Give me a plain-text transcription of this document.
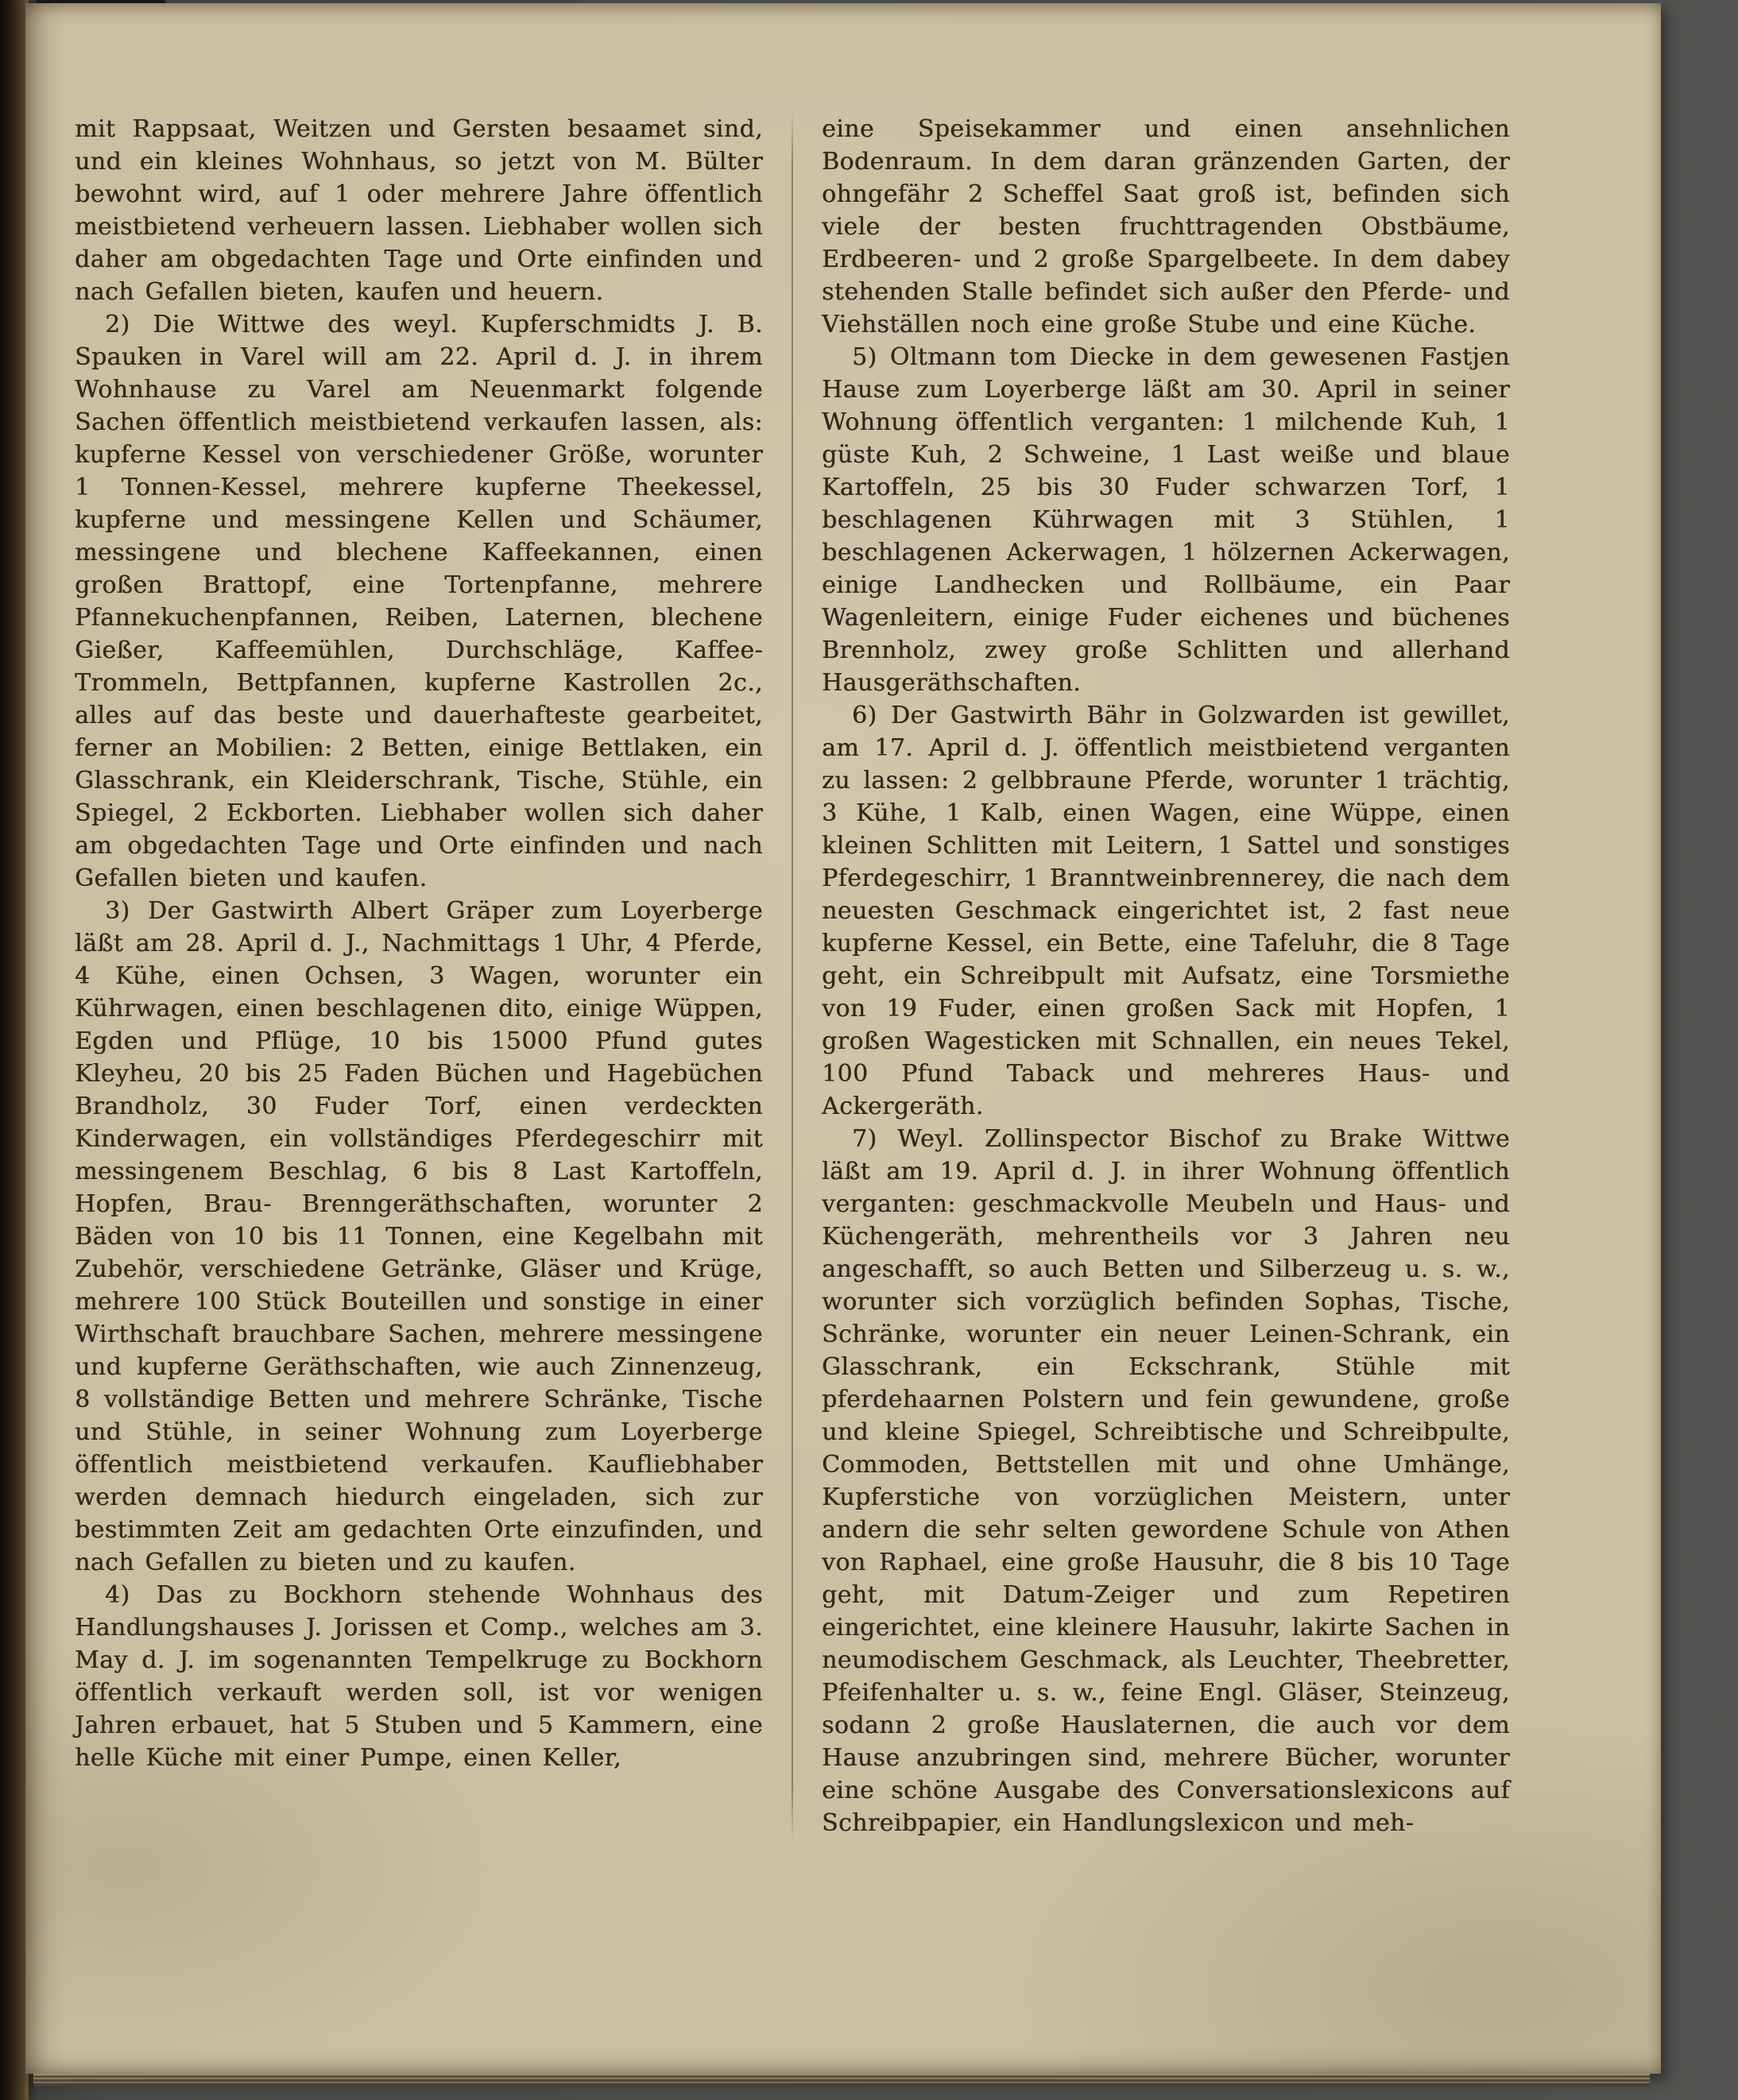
mit Rappsaat, Weitzen und Gersten besaamet sind, und ein kleines Wohnhaus, so jetzt von M. Bülter bewohnt wird, auf 1 oder mehrere Jahre öffentlich meistbietend verheuern lassen. Liebhaber wollen sich daher am obgedachten Tage und Orte einfinden und nach Gefallen bieten, kaufen und heuern.

2) Die Wittwe des weyl. Kupferschmidts J. B. Spauken in Varel will am 22. April d. J. in ihrem Wohnhause zu Varel am Neuenmarkt folgende Sachen öffentlich meistbietend verkaufen lassen, als: kupferne Kessel von verschiedener Größe, worunter 1 Tonnen-Kessel, mehrere kupferne Theekessel, kupferne und messingene Kellen und Schäumer, messingene und blechene Kaffeekannen, einen großen Brattopf, eine Tortenpfanne, mehrere Pfannekuchenpfannen, Reiben, Laternen, blechene Gießer, Kaffeemühlen, Durchschläge, Kaffee-Trommeln, Bettpfannen, kupferne Kastrollen 2c., alles auf das beste und dauerhafteste gearbeitet, ferner an Mobilien: 2 Betten, einige Bettlaken, ein Glasschrank, ein Kleiderschrank, Tische, Stühle, ein Spiegel, 2 Eckborten. Liebhaber wollen sich daher am obgedachten Tage und Orte einfinden und nach Gefallen bieten und kaufen.

3) Der Gastwirth Albert Gräper zum Loyerberge läßt am 28. April d. J., Nachmittags 1 Uhr, 4 Pferde, 4 Kühe, einen Ochsen, 3 Wagen, worunter ein Kührwagen, einen beschlagenen dito, einige Wüppen, Egden und Pflüge, 10 bis 15000 Pfund gutes Kleyheu, 20 bis 25 Faden Büchen und Hagebüchen Brandholz, 30 Fuder Torf, einen verdeckten Kinderwagen, ein vollständiges Pferdegeschirr mit messingenem Beschlag, 6 bis 8 Last Kartoffeln, Hopfen, Brau- Brenngeräthschaften, worunter 2 Bäden von 10 bis 11 Tonnen, eine Kegelbahn mit Zubehör, verschiedene Getränke, Gläser und Krüge, mehrere 100 Stück Bouteillen und sonstige in einer Wirthschaft brauchbare Sachen, mehrere messingene und kupferne Geräthschaften, wie auch Zinnenzeug, 8 vollständige Betten und mehrere Schränke, Tische und Stühle, in seiner Wohnung zum Loyerberge öffentlich meistbietend verkaufen. Kaufliebhaber werden demnach hiedurch eingeladen, sich zur bestimmten Zeit am gedachten Orte einzufinden, und nach Gefallen zu bieten und zu kaufen.

4) Das zu Bockhorn stehende Wohnhaus des Handlungshauses J. Jorissen et Comp., welches am 3. May d. J. im sogenannten Tempelkruge zu Bockhorn öffentlich verkauft werden soll, ist vor wenigen Jahren erbauet, hat 5 Stuben und 5 Kammern, eine helle Küche mit einer Pumpe, einen Keller,

eine Speisekammer und einen ansehnlichen Bodenraum. In dem daran gränzenden Garten, der ohngefähr 2 Scheffel Saat groß ist, befinden sich viele der besten fruchttragenden Obstbäume, Erdbeeren- und 2 große Spargelbeete. In dem dabey stehenden Stalle befindet sich außer den Pferde- und Viehställen noch eine große Stube und eine Küche.

5) Oltmann tom Diecke in dem gewesenen Fastjen Hause zum Loyerberge läßt am 30. April in seiner Wohnung öffentlich verganten: 1 milchende Kuh, 1 güste Kuh, 2 Schweine, 1 Last weiße und blaue Kartoffeln, 25 bis 30 Fuder schwarzen Torf, 1 beschlagenen Kührwagen mit 3 Stühlen, 1 beschlagenen Ackerwagen, 1 hölzernen Ackerwagen, einige Landhecken und Rollbäume, ein Paar Wagenleitern, einige Fuder eichenes und büchenes Brennholz, zwey große Schlitten und allerhand Hausgeräthschaften.

6) Der Gastwirth Bähr in Golzwarden ist gewillet, am 17. April d. J. öffentlich meistbietend verganten zu lassen: 2 gelbbraune Pferde, worunter 1 trächtig, 3 Kühe, 1 Kalb, einen Wagen, eine Wüppe, einen kleinen Schlitten mit Leitern, 1 Sattel und sonstiges Pferdegeschirr, 1 Branntweinbrennerey, die nach dem neuesten Geschmack eingerichtet ist, 2 fast neue kupferne Kessel, ein Bette, eine Tafeluhr, die 8 Tage geht, ein Schreibpult mit Aufsatz, eine Torsmiethe von 19 Fuder, einen großen Sack mit Hopfen, 1 großen Wagesticken mit Schnallen, ein neues Tekel, 100 Pfund Taback und mehreres Haus- und Ackergeräth.

7) Weyl. Zollinspector Bischof zu Brake Wittwe läßt am 19. April d. J. in ihrer Wohnung öffentlich verganten: geschmackvolle Meubeln und Haus- und Küchengeräth, mehrentheils vor 3 Jahren neu angeschafft, so auch Betten und Silberzeug u. s. w., worunter sich vorzüglich befinden Sophas, Tische, Schränke, worunter ein neuer Leinen-Schrank, ein Glasschrank, ein Eckschrank, Stühle mit pferdehaarnen Polstern und fein gewundene, große und kleine Spiegel, Schreibtische und Schreibpulte, Commoden, Bettstellen mit und ohne Umhänge, Kupferstiche von vorzüglichen Meistern, unter andern die sehr selten gewordene Schule von Athen von Raphael, eine große Hausuhr, die 8 bis 10 Tage geht, mit Datum-Zeiger und zum Repetiren eingerichtet, eine kleinere Hausuhr, lakirte Sachen in neumodischem Geschmack, als Leuchter, Theebretter, Pfeifenhalter u. s. w., feine Engl. Gläser, Steinzeug, sodann 2 große Hauslaternen, die auch vor dem Hause anzubringen sind, mehrere Bücher, worunter eine schöne Ausgabe des Conversationslexicons auf Schreibpapier, ein Handlungslexicon und meh-
